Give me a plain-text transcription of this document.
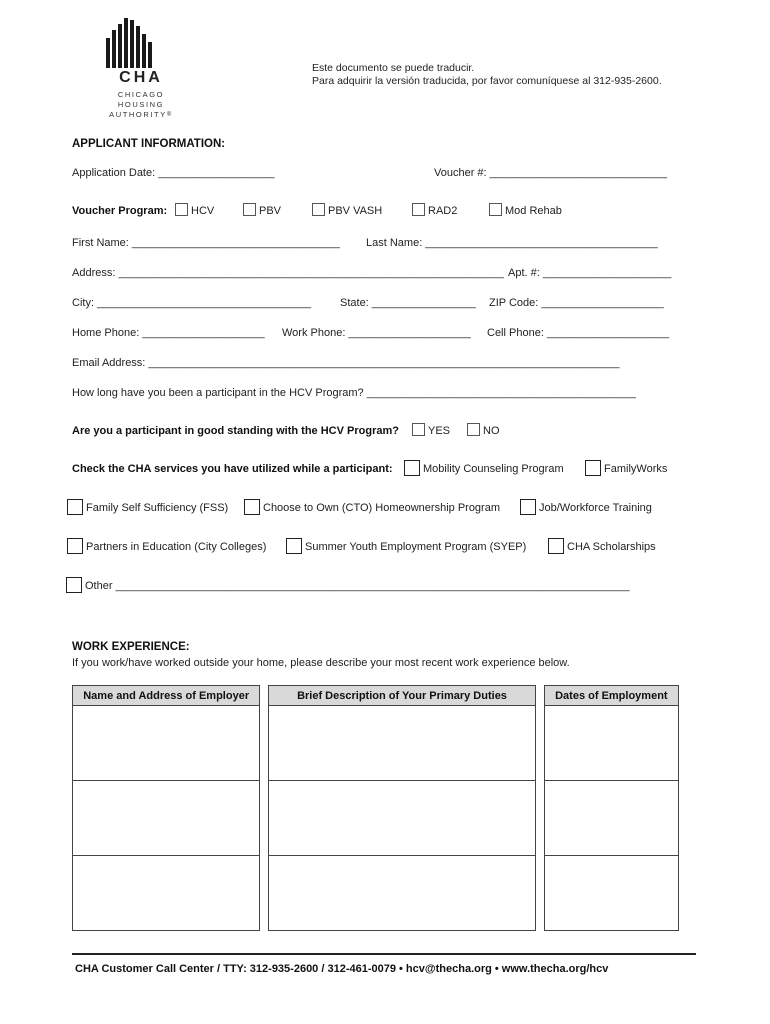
CHA
CHICAGO HOUSING
AUTHORITY®
Este documento se puede traducir.
Para adquirir la versión traducida, por favor comuníquese al 312-935-2600.
APPLICANT INFORMATION:
Application Date: ___________________	Voucher #: _____________________________
Voucher Program:	HCV	PBV	PBV VASH	RAD2	Mod Rehab
First Name: __________________________________ Last Name: ______________________________________
Address: _______________________________________________________________ Apt. #: _____________________
City: ___________________________________	State: _________________ ZIP Code: ____________________
Home Phone: ____________________ Work Phone: ____________________ Cell Phone: ____________________
Email Address: _____________________________________________________________________________
How long have you been a participant in the HCV Program? ____________________________________________
Are you a participant in good standing with the HCV Program?	YES	NO
Check the CHA services you have utilized while a participant:	Mobility Counseling Program	FamilyWorks
Family Self Sufficiency (FSS)	Choose to Own (CTO) Homeownership Program	Job/Workforce Training
Partners in Education (City Colleges)	Summer Youth Employment Program (SYEP)	CHA Scholarships
Other ____________________________________________________________________________________
WORK EXPERIENCE:
If you work/have worked outside your home, please describe your most recent work experience below.
Name and Address of Employer		Brief Description of Your Primary Duties		Dates of Employment

CHA Customer Call Center / TTY: 312-935-2600 / 312-461-0079 • hcv@thecha.org • www.thecha.org/hcv
